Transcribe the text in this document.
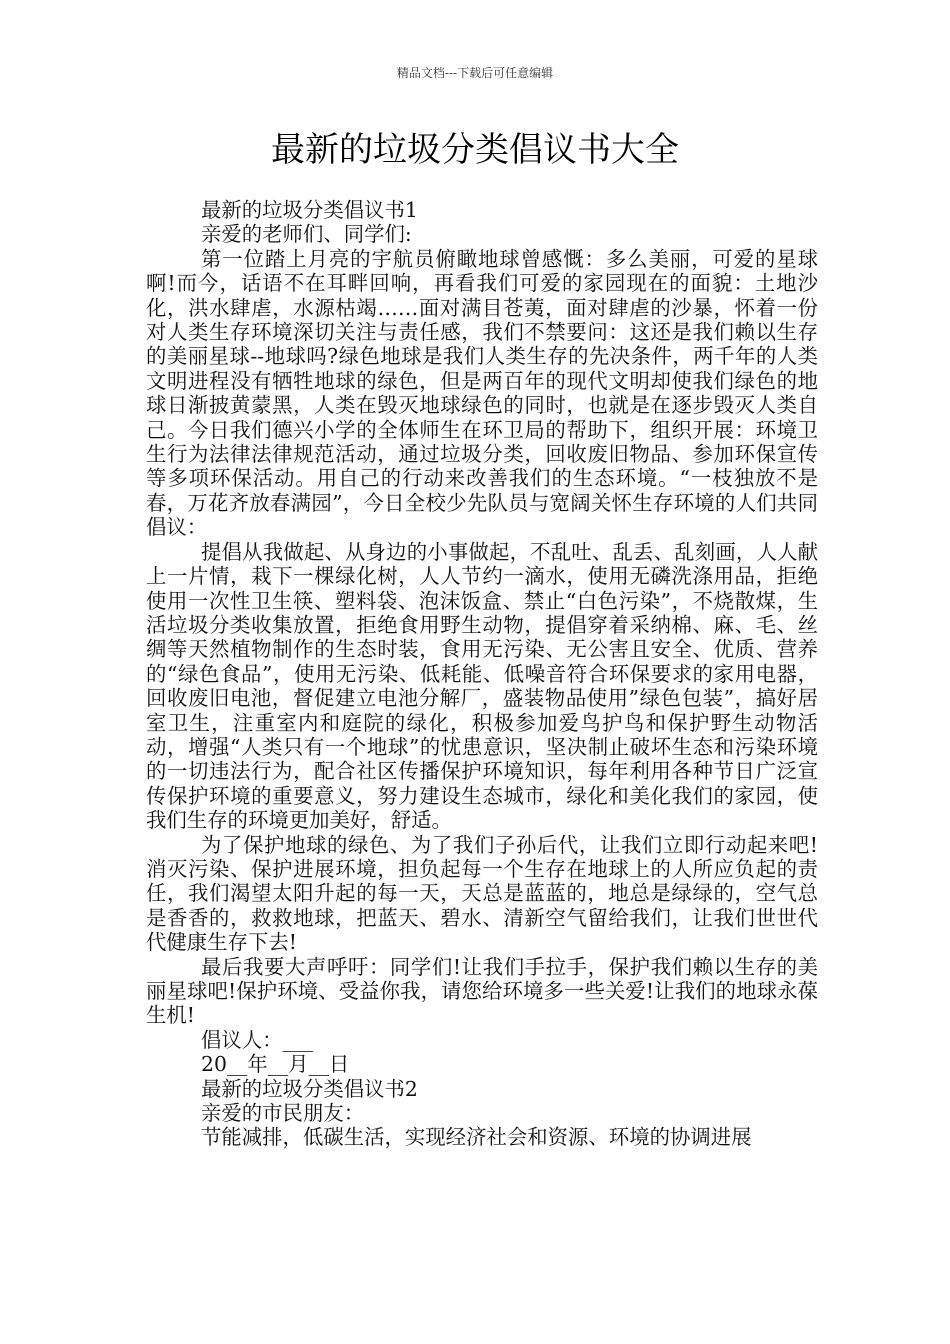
精品文档---下载后可任意编辑
最新的垃圾分类倡议书大全

最新的垃圾分类倡议书1

亲爱的老师们、同学们:

第一位踏上月亮的宇航员俯瞰地球曾感慨：多么美丽，可爱的星球啊!而今，话语不在耳畔回响，再看我们可爱的家园现在的面貌：土地沙化，洪水肆虐，水源枯竭……面对满目苍荑，面对肆虐的沙暴，怀着一份对人类生存环境深切关注与责任感，我们不禁要问：这还是我们赖以生存的美丽星球--地球吗?绿色地球是我们人类生存的先决条件，两千年的人类文明进程没有牺牲地球的绿色，但是两百年的现代文明却使我们绿色的地球日渐披黄蒙黑，人类在毁灭地球绿色的同时，也就是在逐步毁灭人类自己。今日我们德兴小学的全体师生在环卫局的帮助下，组织开展：环境卫生行为法律法律规范活动，通过垃圾分类，回收废旧物品、参加环保宣传等多项环保活动。用自己的行动来改善我们的生态环境。“一枝独放不是春，万花齐放春满园”，今日全校少先队员与宽阔关怀生存环境的人们共同倡议：

提倡从我做起、从身边的小事做起，不乱吐、乱丢、乱刻画，人人献上一片情，栽下一棵绿化树，人人节约一滴水，使用无磷洗涤用品，拒绝使用一次性卫生筷、塑料袋、泡沫饭盒、禁止“白色污染”，不烧散煤，生活垃圾分类收集放置，拒绝食用野生动物，提倡穿着采纳棉、麻、毛、丝绸等天然植物制作的生态时装，食用无污染、无公害且安全、优质、营养的“绿色食品”，使用无污染、低耗能、低噪音符合环保要求的家用电器，回收废旧电池，督促建立电池分解厂，盛装物品使用”绿色包装”，搞好居室卫生，注重室内和庭院的绿化，积极参加爱鸟护鸟和保护野生动物活动，增强“人类只有一个地球”的忧患意识，坚决制止破坏生态和污染环境的一切违法行为，配合社区传播保护环境知识，每年利用各种节日广泛宣传保护环境的重要意义，努力建设生态城市，绿化和美化我们的家园，使我们生存的环境更加美好，舒适。

为了保护地球的绿色、为了我们子孙后代，让我们立即行动起来吧!消灭污染、保护进展环境，担负起每一个生存在地球上的人所应负起的责任，我们渴望太阳升起的每一天，天总是蓝蓝的，地总是绿绿的，空气总是香香的，救救地球，把蓝天、碧水、清新空气留给我们，让我们世世代代健康生存下去!

最后我要大声呼吁：同学们!让我们手拉手，保护我们赖以生存的美丽星球吧!保护环境、受益你我，请您给环境多一些关爱!让我们的地球永葆生机!

倡议人：___

20__年__月__日

最新的垃圾分类倡议书2

亲爱的市民朋友：

节能减排，低碳生活，实现经济社会和资源、环境的协调进展
